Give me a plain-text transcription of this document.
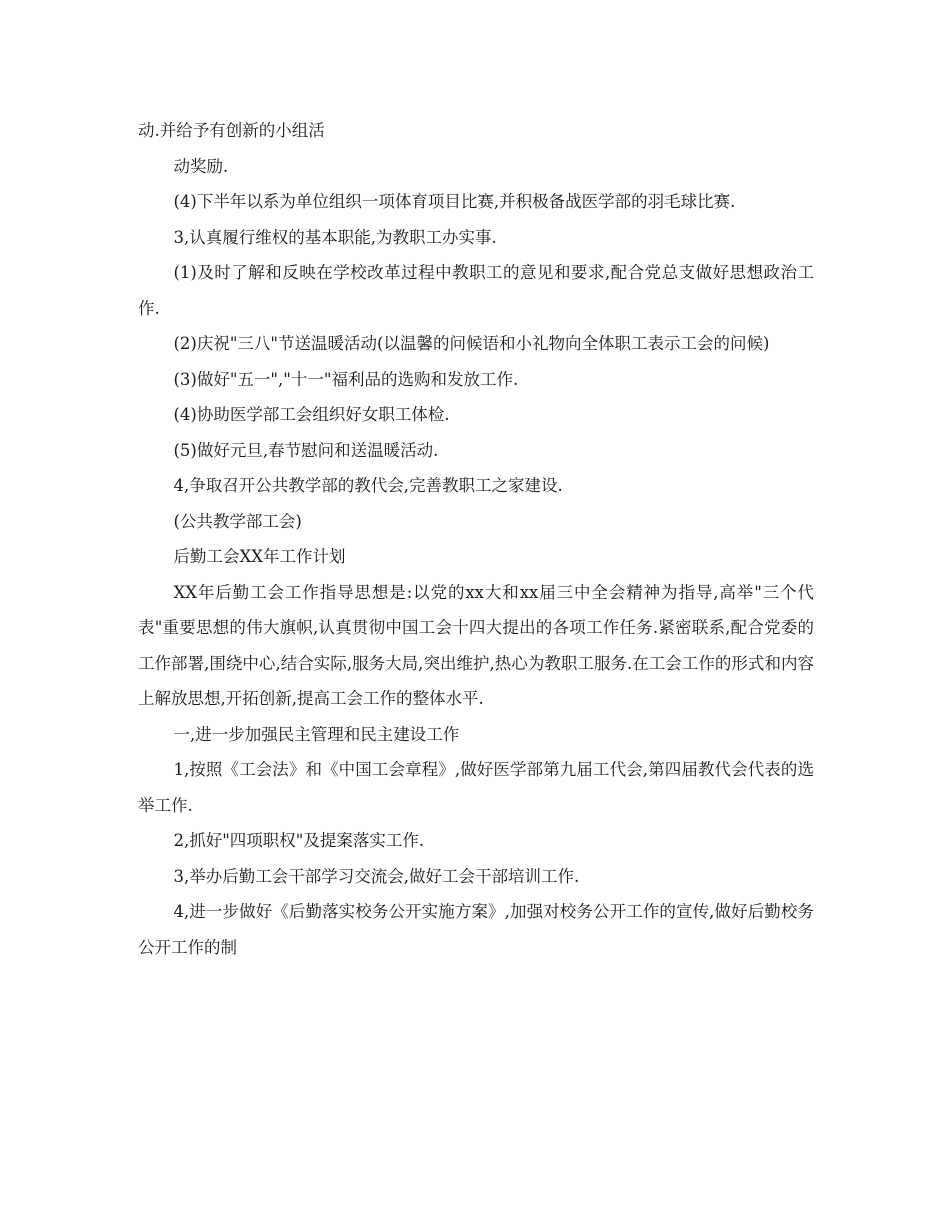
动.并给予有创新的小组活

动奖励.

(4)下半年以系为单位组织一项体育项目比赛,并积极备战医学部的羽毛球比赛.

3,认真履行维权的基本职能,为教职工办实事.

(1)及时了解和反映在学校改革过程中教职工的意见和要求,配合党总支做好思想政治工作.

(2)庆祝"三八"节送温暖活动(以温馨的问候语和小礼物向全体职工表示工会的问候)

(3)做好"五一","十一"福利品的选购和发放工作.

(4)协助医学部工会组织好女职工体检.

(5)做好元旦,春节慰问和送温暖活动.

4,争取召开公共教学部的教代会,完善教职工之家建设.

(公共教学部工会)

后勤工会XX年工作计划

XX年后勤工会工作指导思想是:以党的xx大和xx届三中全会精神为指导,高举"三个代表"重要思想的伟大旗帜,认真贯彻中国工会十四大提出的各项工作任务.紧密联系,配合党委的工作部署,围绕中心,结合实际,服务大局,突出维护,热心为教职工服务.在工会工作的形式和内容上解放思想,开拓创新,提高工会工作的整体水平.

一,进一步加强民主管理和民主建设工作

1,按照《工会法》和《中国工会章程》,做好医学部第九届工代会,第四届教代会代表的选举工作.

2,抓好"四项职权"及提案落实工作.

3,举办后勤工会干部学习交流会,做好工会干部培训工作.

4,进一步做好《后勤落实校务公开实施方案》,加强对校务公开工作的宣传,做好后勤校务公开工作的制
